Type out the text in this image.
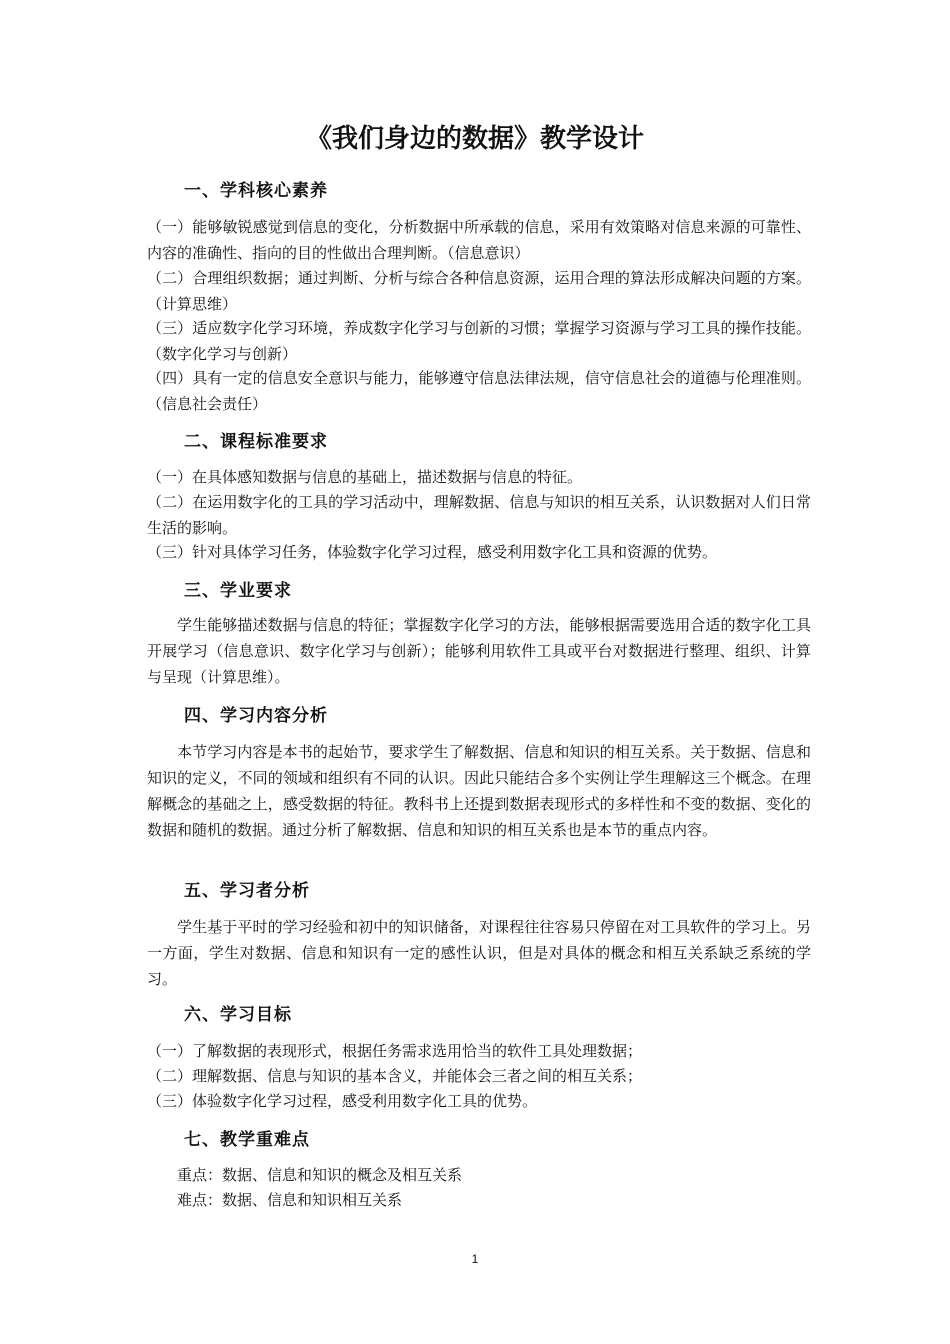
《我们身边的数据》教学设计
一、学科核心素养

（一）能够敏锐感觉到信息的变化，分析数据中所承载的信息，采用有效策略对信息来源的可靠性、内容的准确性、指向的目的性做出合理判断。（信息意识）

（二）合理组织数据；通过判断、分析与综合各种信息资源，运用合理的算法形成解决问题的方案。（计算思维）

（三）适应数字化学习环境，养成数字化学习与创新的习惯；掌握学习资源与学习工具的操作技能。（数字化学习与创新）

（四）具有一定的信息安全意识与能力，能够遵守信息法律法规，信守信息社会的道德与伦理准则。（信息社会责任）

二、课程标准要求

（一）在具体感知数据与信息的基础上，描述数据与信息的特征。

（二）在运用数字化的工具的学习活动中，理解数据、信息与知识的相互关系，认识数据对人们日常生活的影响。

（三）针对具体学习任务，体验数字化学习过程，感受利用数字化工具和资源的优势。

三、学业要求

学生能够描述数据与信息的特征；掌握数字化学习的方法，能够根据需要选用合适的数字化工具开展学习（信息意识、数字化学习与创新）；能够利用软件工具或平台对数据进行整理、组织、计算与呈现（计算思维）。

四、学习内容分析

本节学习内容是本书的起始节，要求学生了解数据、信息和知识的相互关系。关于数据、信息和知识的定义，不同的领域和组织有不同的认识。因此只能结合多个实例让学生理解这三个概念。在理解概念的基础之上，感受数据的特征。教科书上还提到数据表现形式的多样性和不变的数据、变化的数据和随机的数据。通过分析了解数据、信息和知识的相互关系也是本节的重点内容。

五、学习者分析

学生基于平时的学习经验和初中的知识储备，对课程往往容易只停留在对工具软件的学习上。另一方面，学生对数据、信息和知识有一定的感性认识，但是对具体的概念和相互关系缺乏系统的学习。

六、学习目标

（一）了解数据的表现形式，根据任务需求选用恰当的软件工具处理数据；

（二）理解数据、信息与知识的基本含义，并能体会三者之间的相互关系；

（三）体验数字化学习过程，感受利用数字化工具的优势。

七、教学重难点

重点：数据、信息和知识的概念及相互关系

难点：数据、信息和知识相互关系

1
